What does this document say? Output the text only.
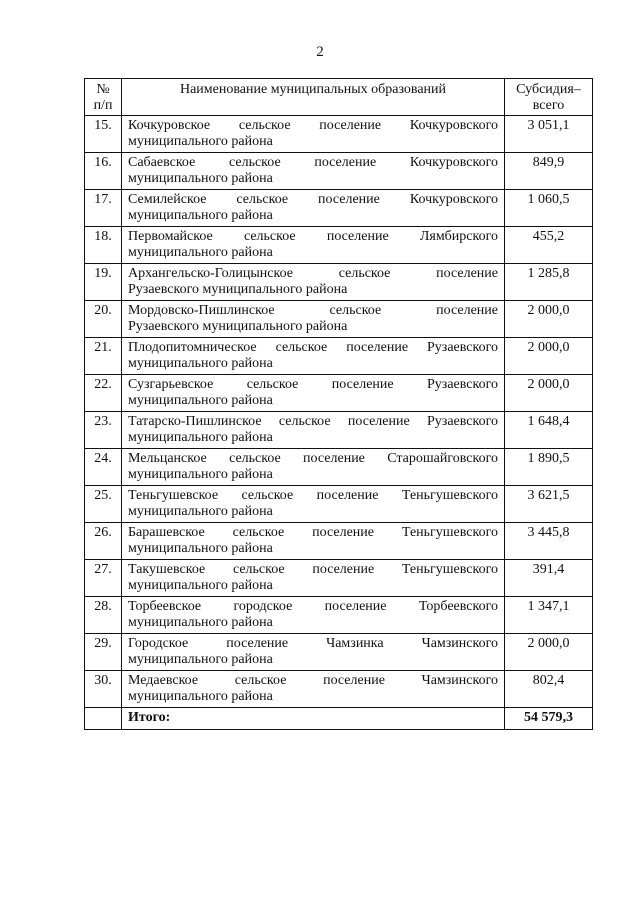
2
№
п/п	Наименование муниципальных образований	Субсидия–
всего
15.	Кочкуровское сельское поселение Кочкуровского
муниципального района	3 051,1
16.	Сабаевское сельское поселение Кочкуровского
муниципального района	849,9
17.	Семилейское сельское поселение Кочкуровского
муниципального района	1 060,5
18.	Первомайское сельское поселение Лямбирского
муниципального района	455,2
19.	Архангельско-Голицынское сельское поселение
Рузаевского муниципального района	1 285,8
20.	Мордовско-Пишлинское сельское поселение
Рузаевского муниципального района	2 000,0
21.	Плодопитомническое сельское поселение Рузаевского
муниципального района	2 000,0
22.	Сузгарьевское сельское поселение Рузаевского
муниципального района	2 000,0
23.	Татарско-Пишлинское сельское поселение Рузаевского
муниципального района	1 648,4
24.	Мельцанское сельское поселение Старошайговского
муниципального района	1 890,5
25.	Теньгушевское сельское поселение Теньгушевского
муниципального района	3 621,5
26.	Барашевское сельское поселение Теньгушевского
муниципального района	3 445,8
27.	Такушевское сельское поселение Теньгушевского
муниципального района	391,4
28.	Торбеевское городское поселение Торбеевского
муниципального района	1 347,1
29.	Городское поселение Чамзинка Чамзинского
муниципального района	2 000,0
30.	Медаевское сельское поселение Чамзинского
муниципального района	802,4
	Итого:	54 579,3
